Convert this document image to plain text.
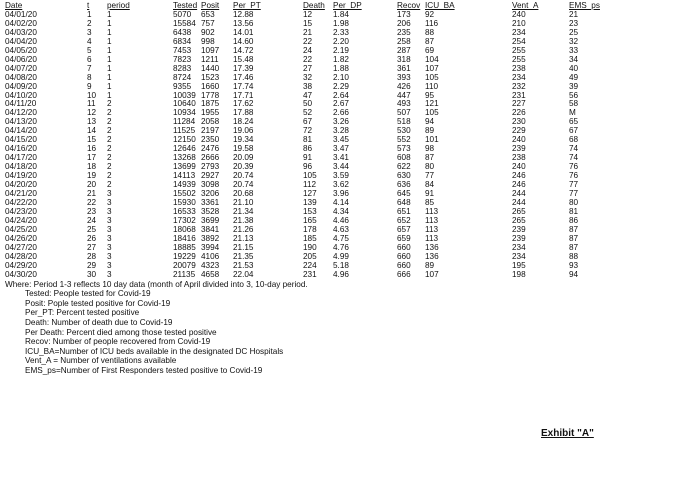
Date	t	period	Tested	Posit	Per_PT	Death	Per_DP	Recov	ICU_BA	Vent_A	EMS_ps
04/01/20	1	1	5070	653	12.88	12	1.84	173	92	240	21
04/02/20	2	1	15584	757	13.56	15	1.98	206	116	210	23
04/03/20	3	1	6438	902	14.01	21	2.33	235	88	234	25
04/04/20	4	1	6834	998	14.60	22	2.20	258	87	254	32
04/05/20	5	1	7453	1097	14.72	24	2.19	287	69	255	33
04/06/20	6	1	7823	1211	15.48	22	1.82	318	104	255	34
04/07/20	7	1	8283	1440	17.39	27	1.88	361	107	238	40
04/08/20	8	1	8724	1523	17.46	32	2.10	393	105	234	49
04/09/20	9	1	9355	1660	17.74	38	2.29	426	110	232	39
04/10/20	10	1	10039	1778	17.71	47	2.64	447	95	231	56
04/11/20	11	2	10640	1875	17.62	50	2.67	493	121	227	58
04/12/20	12	2	10934	1955	17.88	52	2.66	507	105	226	M
04/13/20	13	2	11284	2058	18.24	67	3.26	518	94	230	65
04/14/20	14	2	11525	2197	19.06	72	3.28	530	89	229	67
04/15/20	15	2	12150	2350	19.34	81	3.45	552	101	240	68
04/16/20	16	2	12646	2476	19.58	86	3.47	573	98	239	74
04/17/20	17	2	13268	2666	20.09	91	3.41	608	87	238	74
04/18/20	18	2	13699	2793	20.39	96	3.44	622	80	240	76
04/19/20	19	2	14113	2927	20.74	105	3.59	630	77	246	76
04/20/20	20	2	14939	3098	20.74	112	3.62	636	84	246	77
04/21/20	21	3	15502	3206	20.68	127	3.96	645	91	244	77
04/22/20	22	3	15930	3361	21.10	139	4.14	648	85	244	80
04/23/20	23	3	16533	3528	21.34	153	4.34	651	113	265	81
04/24/20	24	3	17302	3699	21.38	165	4.46	652	113	265	86
04/25/20	25	3	18068	3841	21.26	178	4.63	657	113	239	87
04/26/20	26	3	18416	3892	21.13	185	4.75	659	113	239	87
04/27/20	27	3	18885	3994	21.15	190	4.76	660	136	234	87
04/28/20	28	3	19229	4106	21.35	205	4.99	660	136	234	88
04/29/20	29	3	20079	4323	21.53	224	5.18	660	89	195	93
04/30/20	30	3	21135	4658	22.04	231	4.96	666	107	198	94
Where: Period 1-3 reflects 10 day data (month of April divided into 3, 10-day period.
Tested: People tested for Covid-19
Posit: Pople tested positive for Covid-19
Per_PT: Percent tested positive
Death: Number of death due to Covid-19
Per Death: Percent died among those tested positive
Recov: Number of people recovered from Covid-19
ICU_BA=Number of ICU beds available in the designated DC Hospitals
Vent_A = Number of ventilations available
EMS_ps=Number of First Responders tested positive to Covid-19
Exhibit "A"
